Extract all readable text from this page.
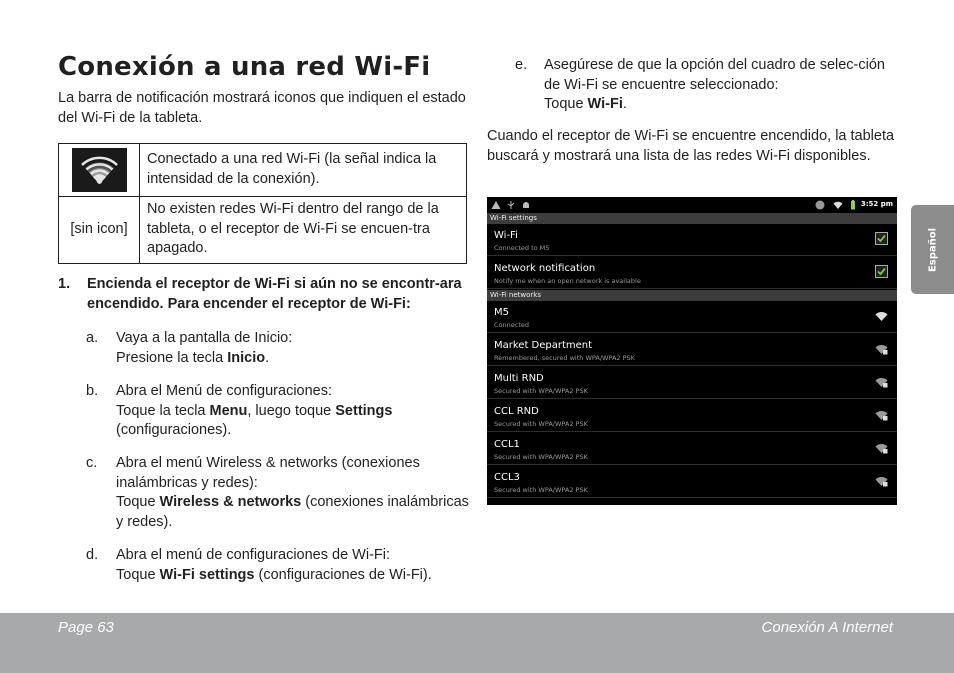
Conexión a una red Wi-Fi
La barra de notificación mostrará iconos que indiquen el estado del Wi-Fi de la tableta.
	Conectado a una red Wi-Fi (la señal indica la intensidad de la conexión).
[sin icon]	No existen redes Wi-Fi dentro del rango de la tableta, o el receptor de Wi-Fi se encuen-tra apagado.
1. Encienda el receptor de Wi-Fi si aún no se encontr-ara encendido. Para encender el receptor de Wi-Fi:
a. Vaya a la pantalla de Inicio:
Presione la tecla Inicio.
b. Abra el Menú de configuraciones:
Toque la tecla Menu, luego toque Settings
(configuraciones).
c. Abra el menú Wireless & networks (conexiones inalámbricas y redes):
Toque Wireless & networks (conexiones inalámbricas y redes).
d. Abra el menú de configuraciones de Wi-Fi:
Toque Wi-Fi settings (configuraciones de Wi-Fi).
e. Asegúrese de que la opción del cuadro de selec-ción de Wi-Fi se encuentre seleccionado:
Toque Wi-Fi.
Cuando el receptor de Wi-Fi se encuentre encendido, la tableta buscará y mostrará una lista de las redes Wi-Fi disponibles.
3:52 pm
Wi-Fi settings
Wi-Fi
Connected to M5
Network notification
Notify me when an open network is available
Wi-Fi networks
M5
Connected
Market Department
Remembered, secured with WPA/WPA2 PSK
Multi RND
Secured with WPA/WPA2 PSK
CCL RND
Secured with WPA/WPA2 PSK
CCL1
Secured with WPA/WPA2 PSK
CCL3
Secured with WPA/WPA2 PSK
Español
Page 63	Conexión A Internet
